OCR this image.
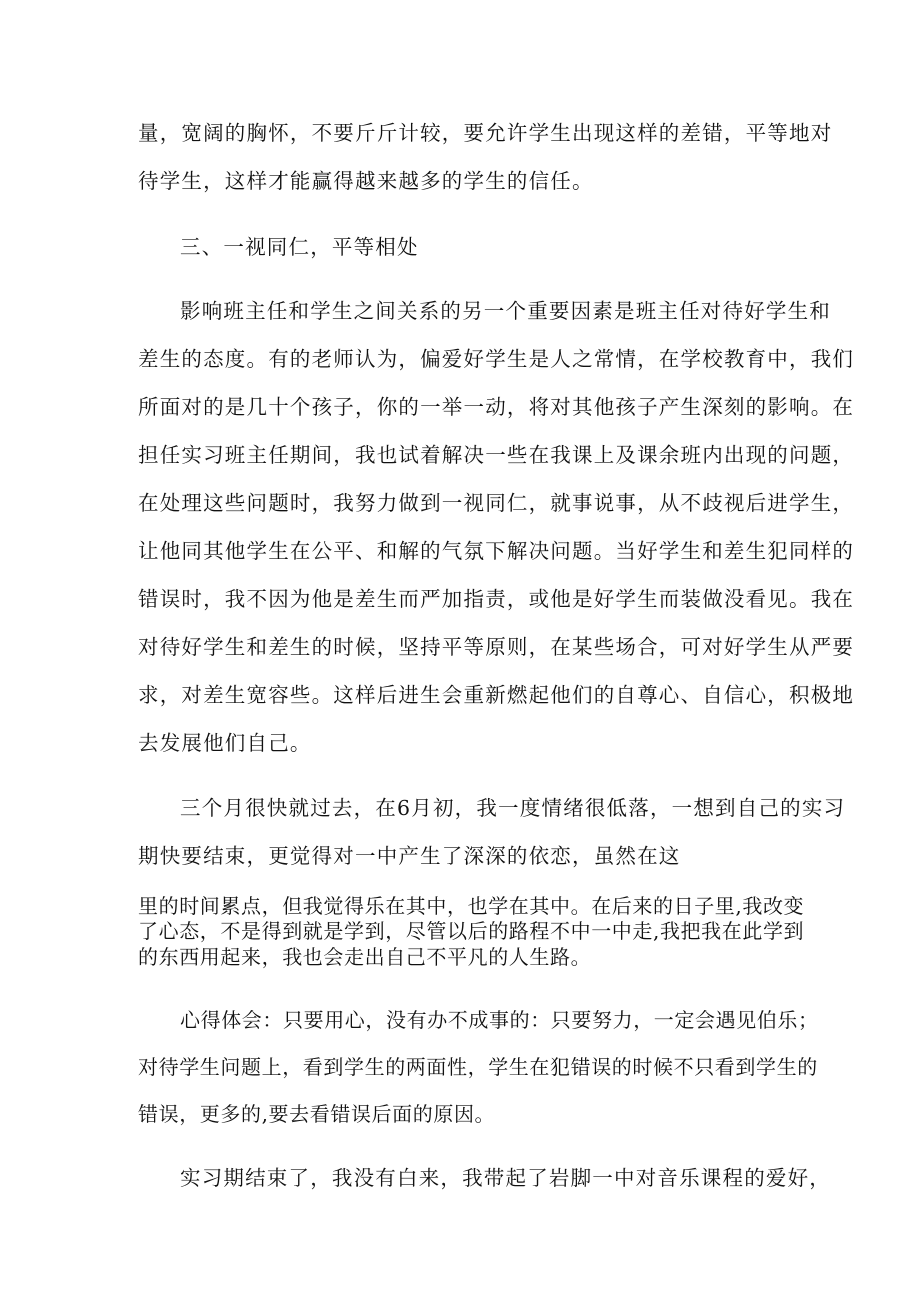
量，宽阔的胸怀，不要斤斤计较，要允许学生出现这样的差错，平等地对
待学生，这样才能赢得越来越多的学生的信任。
三、一视同仁，平等相处
影响班主任和学生之间关系的另一个重要因素是班主任对待好学生和
差生的态度。有的老师认为，偏爱好学生是人之常情，在学校教育中，我们
所面对的是几十个孩子，你的一举一动，将对其他孩子产生深刻的影响。在
担任实习班主任期间，我也试着解决一些在我课上及课余班内出现的问题，
在处理这些问题时，我努力做到一视同仁，就事说事，从不歧视后进学生，
让他同其他学生在公平、和解的气氛下解决问题。当好学生和差生犯同样的
错误时，我不因为他是差生而严加指责，或他是好学生而装做没看见。我在
对待好学生和差生的时候，坚持平等原则，在某些场合，可对好学生从严要
求，对差生宽容些。这样后进生会重新燃起他们的自尊心、自信心，积极地
去发展他们自己。
三个月很快就过去，在6月初，我一度情绪很低落，一想到自己的实习
期快要结束，更觉得对一中产生了深深的依恋，虽然在这
里的时间累点，但我觉得乐在其中，也学在其中。在后来的日子里,我改变
了心态，不是得到就是学到，尽管以后的路程不中一中走,我把我在此学到
的东西用起来，我也会走出自己不平凡的人生路。
心得体会：只要用心，没有办不成事的：只要努力，一定会遇见伯乐；
对待学生问题上，看到学生的两面性，学生在犯错误的时候不只看到学生的
错误，更多的,要去看错误后面的原因。
实习期结束了，我没有白来，我带起了岩脚一中对音乐课程的爱好，
